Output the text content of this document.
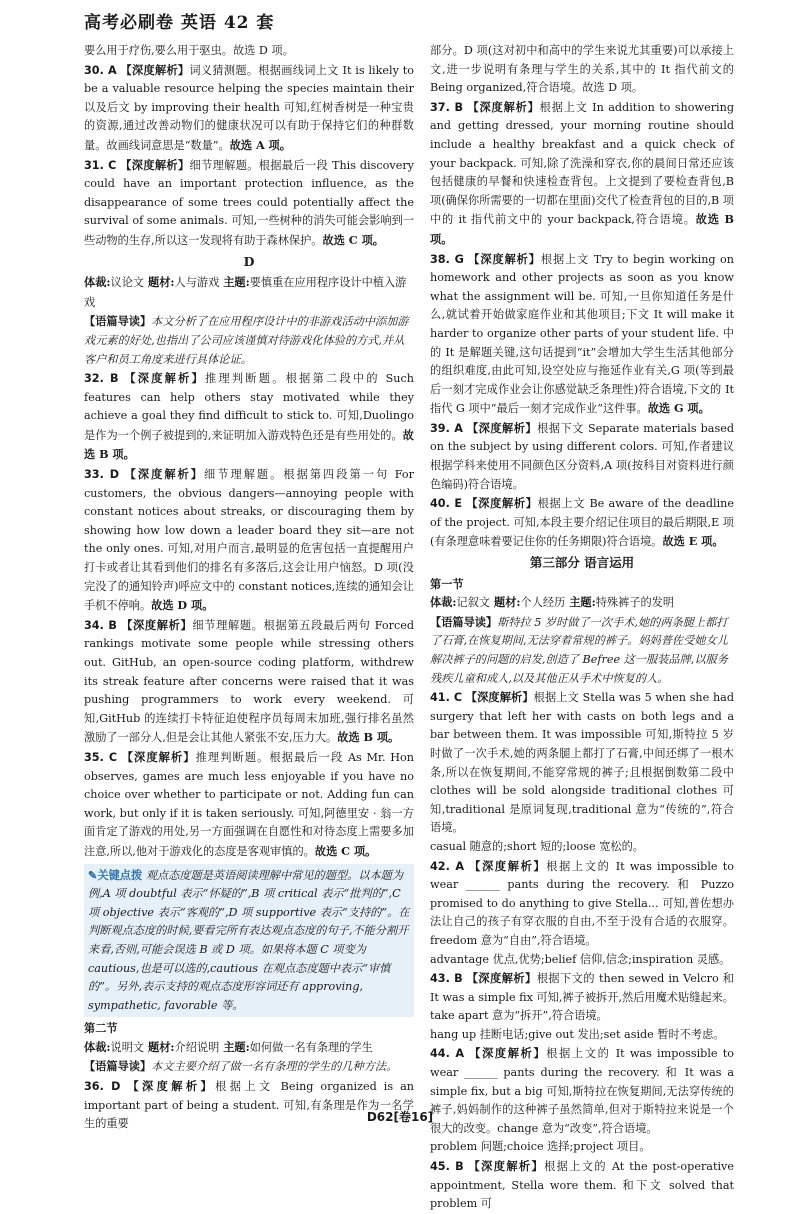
高考必刷卷 英语 42 套

要么用于疗伤,要么用于驱虫。故选 D 项。

30. A 【深度解析】词义猜测题。根据画线词上文 It is likely to be a valuable resource helping the species maintain their 以及后文 by improving their health 可知,红树香树是一种宝贵的资源,通过改善动物们的健康状况可以有助于保持它们的种群数量。故画线词意思是“数量”。故选 A 项。

31. C 【深度解析】细节理解题。根据最后一段 This discovery could have an important protection influence, as the disappearance of some trees could potentially affect the survival of some animals. 可知,一些树种的消失可能会影响到一些动物的生存,所以这一发现将有助于森林保护。故选 C 项。

D

体裁:议论文 题材:人与游戏 主题:要慎重在应用程序设计中植入游戏

【语篇导读】本文分析了在应用程序设计中的非游戏活动中添加游戏元素的好处,也指出了公司应该谨慎对待游戏化体验的方式,并从客户和员工角度来进行具体论证。

32. B 【深度解析】推理判断题。根据第二段中的 Such features can help others stay motivated while they achieve a goal they find difficult to stick to. 可知,Duolingo 是作为一个例子被提到的,来证明加入游戏特色还是有些用处的。故选 B 项。

33. D 【深度解析】细节理解题。根据第四段第一句 For customers, the obvious dangers—annoying people with constant notices about streaks, or discouraging them by showing how low down a leader board they sit—are not the only ones. 可知,对用户而言,最明显的危害包括一直提醒用户打卡或者让其看到他们的排名有多落后,这会让用户恼怒。D 项(没完没了的通知铃声)呼应文中的 constant notices,连续的通知会让手机不停响。故选 D 项。

34. B 【深度解析】细节理解题。根据第五段最后两句 Forced rankings motivate some people while stressing others out. GitHub, an open-source coding platform, withdrew its streak feature after concerns were raised that it was pushing programmers to work every weekend. 可知,GitHub 的连续打卡特征迫使程序员每周末加班,强行排名虽然激励了一部分人,但是会让其他人紧张不安,压力大。故选 B 项。

35. C 【深度解析】推理判断题。根据最后一段 As Mr. Hon observes, games are much less enjoyable if you have no choice over whether to participate or not. Adding fun can work, but only if it is taken seriously. 可知,阿德里安 · 翁一方面肯定了游戏的用处,另一方面强调在自愿性和对待态度上需要多加注意,所以,他对于游戏化的态度是客观审慎的。故选 C 项。

✎关键点拨 观点态度题是英语阅读理解中常见的题型。以本题为例,A 项 doubtful 表示“怀疑的”,B 项 critical 表示“批判的”,C 项 objective 表示“客观的”,D 项 supportive 表示“支持的”。在判断观点态度的时候,要看完所有表达观点态度的句子,不能分割开来看,否则,可能会误选 B 或 D 项。如果将本题 C 项变为 cautious,也是可以选的,cautious 在观点态度题中表示“审慎的”。另外,表示支持的观点态度形容词还有 approving, sympathetic, favorable 等。

第二节

体裁:说明文 题材:介绍说明 主题:如何做一名有条理的学生

【语篇导读】本文主要介绍了做一名有条理的学生的几种方法。

36. D 【深度解析】根据上文 Being organized is an important part of being a student. 可知,有条理是作为一名学生的重要

部分。D 项(这对初中和高中的学生来说尤其重要)可以承接上文,进一步说明有条理与学生的关系,其中的 It 指代前文的 Being organized,符合语境。故选 D 项。

37. B 【深度解析】根据上文 In addition to showering and getting dressed, your morning routine should include a healthy breakfast and a quick check of your backpack. 可知,除了洗澡和穿衣,你的晨间日常还应该包括健康的早餐和快速检查背包。上文提到了要检查背包,B 项(确保你所需要的一切都在里面)交代了检查背包的目的,B 项中的 it 指代前文中的 your backpack,符合语境。故选 B 项。

38. G 【深度解析】根据上文 Try to begin working on homework and other projects as soon as you know what the assignment will be. 可知,一旦你知道任务是什么,就试着开始做家庭作业和其他项目;下文 It will make it harder to organize other parts of your student life. 中的 It 是解题关键,这句话提到“it”会增加大学生生活其他部分的组织难度,由此可知,设空处应与拖延作业有关,G 项(等到最后一刻才完成作业会让你感觉缺乏条理性)符合语境,下文的 It 指代 G 项中“最后一刻才完成作业”这件事。故选 G 项。

39. A 【深度解析】根据下文 Separate materials based on the subject by using different colors. 可知,作者建议根据学科来使用不同颜色区分资料,A 项(按科目对资料进行颜色编码)符合语境。

40. E 【深度解析】根据上文 Be aware of the deadline of the project. 可知,本段主要介绍记住项目的最后期限,E 项(有条理意味着要记住你的任务期限)符合语境。故选 E 项。

第三部分 语言运用

第一节

体裁:记叙文 题材:个人经历 主题:特殊裤子的发明

【语篇导读】斯特拉 5 岁时做了一次手术,她的两条腿上都打了石膏,在恢复期间,无法穿着常规的裤子。妈妈普佐受她女儿解决裤子的问题的启发,创造了 Befree 这一服装品牌,以服务残疾儿童和成人,以及其他正从手术中恢复的人。

41. C 【深度解析】根据上文 Stella was 5 when she had surgery that left her with casts on both legs and a bar between them. It was impossible 可知,斯特拉 5 岁时做了一次手术,她的两条腿上都打了石膏,中间还绑了一根木条,所以在恢复期间,不能穿常规的裤子;且根据倒数第二段中 clothes will be sold alongside traditional clothes 可知,traditional 是原词复现,traditional 意为“传统的”,符合语境。

casual 随意的;short 短的;loose 宽松的。

42. A 【深度解析】根据上文的 It was impossible to wear ______ pants during the recovery. 和 Puzzo promised to do anything to give Stella... 可知,普佐想办法让自己的孩子有穿衣服的自由,不至于没有合适的衣服穿。freedom 意为“自由”,符合语境。

advantage 优点,优势;belief 信仰,信念;inspiration 灵感。

43. B 【深度解析】根据下文的 then sewed in Velcro 和 It was a simple fix 可知,裤子被拆开,然后用魔术贴缝起来。take apart 意为“拆开”,符合语境。

hang up 挂断电话;give out 发出;set aside 暂时不考虑。

44. A 【深度解析】根据上文的 It was impossible to wear ______ pants during the recovery. 和 It was a simple fix, but a big 可知,斯特拉在恢复期间,无法穿传统的裤子,妈妈制作的这种裤子虽然简单,但对于斯特拉来说是一个很大的改变。change 意为“改变”,符合语境。

problem 问题;choice 选择;project 项目。

45. B 【深度解析】根据上文的 At the post-operative appointment, Stella wore them. 和下文 solved that problem 可

D62[卷16]
